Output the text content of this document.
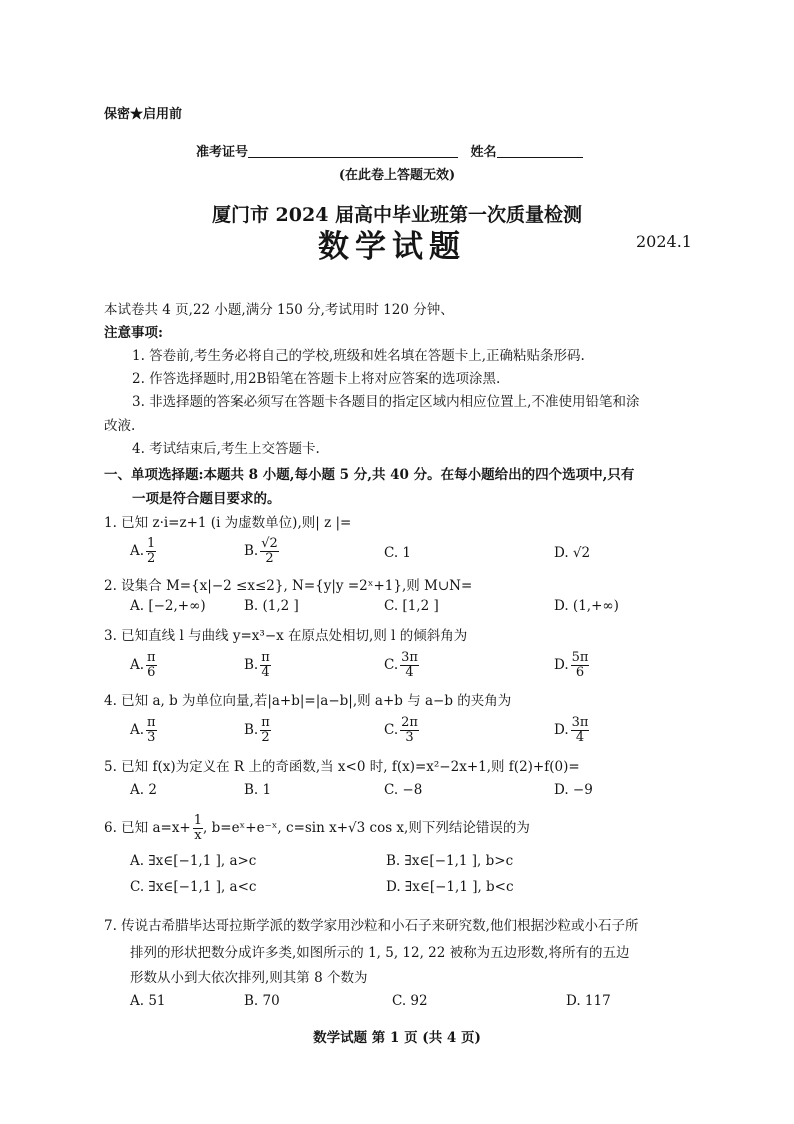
保密★启用前
准考证号	姓名
(在此卷上答题无效)
厦门市 2024 届高中毕业班第一次质量检测
数学试题	2024.1
本试卷共 4 页,22 小题,满分 150 分,考试用时 120 分钟、
注意事项:
1. 答卷前,考生务必将自己的学校,班级和姓名填在答题卡上,正确粘贴条形码.
2. 作答选择题时,用2B铅笔在答题卡上将对应答案的选项涂黑.
3. 非选择题的答案必须写在答题卡各题目的指定区域内相应位置上,不准使用铅笔和涂
改液.
4. 考试结束后,考生上交答题卡.
一、单项选择题:本题共 8 小题,每小题 5 分,共 40 分。在每小题给出的四个选项中,只有
一项是符合题目要求的。
1. 已知 z·i=z+1 (i 为虚数单位),则| z |=
A. $\frac{1}{2}$	B. $\frac{√2}{2}$	C. 1	D. √2
2. 设集合 M={x|−2 ≤x≤2}, N={y|y =2ˣ+1},则 M∪N=
A. [−2,+∞)	B. (1,2 ]	C. [1,2 ]	D. (1,+∞)
3. 已知直线 l 与曲线 y=x³−x 在原点处相切,则 l 的倾斜角为
A. $\frac{\pi}{6}$	B. $\frac{\pi}{4}$	C. $\frac{3\pi}{4}$	D. $\frac{5\pi}{6}$
4. 已知 a, b 为单位向量,若|a+b|=|a−b|,则 a+b 与 a−b 的夹角为
A. $\frac{\pi}{3}$	B. $\frac{\pi}{2}$	C. $\frac{2\pi}{3}$	D. $\frac{3\pi}{4}$
5. 已知 f(x)为定义在 R 上的奇函数,当 x<0 时, f(x)=x²−2x+1,则 f(2)+f(0)=
A. 2	B. 1	C. −8	D. −9
6. 已知 $a=x+ \frac{1}{x}$ , b=eˣ+e⁻ˣ, c=sin x+√3 cos x,则下列结论错误的为
A. ∃x∈[−1,1 ], a>c	B. ∃x∈[−1,1 ], b>c
C. ∃x∈[−1,1 ], a<c	D. ∃x∈[−1,1 ], b<c
7. 传说古希腊毕达哥拉斯学派的数学家用沙粒和小石子来研究数,他们根据沙粒或小石子所
排列的形状把数分成许多类,如图所示的 1, 5, 12, 22 被称为五边形数,将所有的五边
形数从小到大依次排列,则其第 8 个数为
A. 51	B. 70	C. 92	D. 117
数学试题 第 1 页 (共 4 页)
